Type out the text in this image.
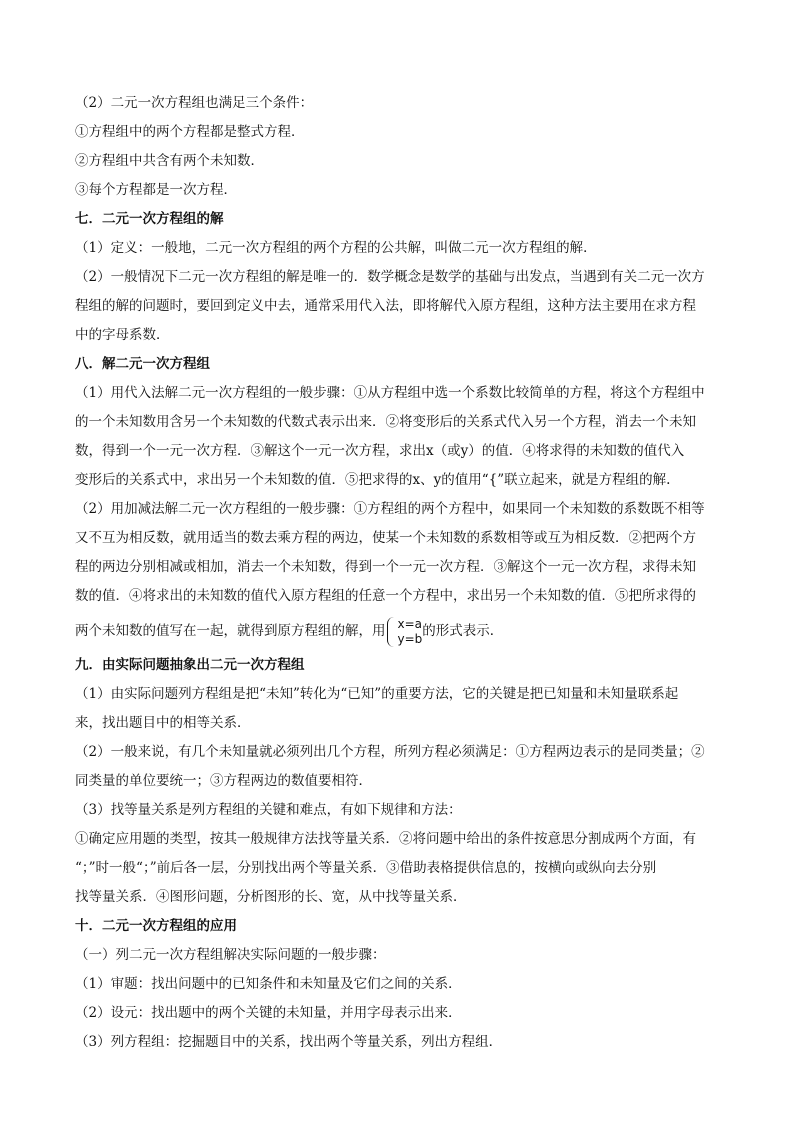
（2）二元一次方程组也满足三个条件：
①方程组中的两个方程都是整式方程．
②方程组中共含有两个未知数．
③每个方程都是一次方程．
七．二元一次方程组的解
（1）定义：一般地，二元一次方程组的两个方程的公共解，叫做二元一次方程组的解．
（2）一般情况下二元一次方程组的解是唯一的．数学概念是数学的基础与出发点，当遇到有关二元一次方
程组的解的问题时，要回到定义中去，通常采用代入法，即将解代入原方程组，这种方法主要用在求方程
中的字母系数．
八．解二元一次方程组
（1）用代入法解二元一次方程组的一般步骤：①从方程组中选一个系数比较简单的方程，将这个方程组中
的一个未知数用含另一个未知数的代数式表示出来．②将变形后的关系式代入另一个方程，消去一个未知
数，得到一个一元一次方程．③解这个一元一次方程，求出x（或y）的值．④将求得的未知数的值代入
变形后的关系式中，求出另一个未知数的值．⑤把求得的x、y的值用“{”联立起来，就是方程组的解.
（2）用加减法解二元一次方程组的一般步骤：①方程组的两个方程中，如果同一个未知数的系数既不相等
又不互为相反数，就用适当的数去乘方程的两边，使某一个未知数的系数相等或互为相反数．②把两个方
程的两边分别相减或相加，消去一个未知数，得到一个一元一次方程．③解这个一元一次方程，求得未知
数的值．④将求出的未知数的值代入原方程组的任意一个方程中，求出另一个未知数的值．⑤把所求得的
两个未知数的值写在一起，就得到原方程组的解，用 x=a
y=b 的形式表示．
九．由实际问题抽象出二元一次方程组
（1）由实际问题列方程组是把“未知”转化为“已知”的重要方法，它的关键是把已知量和未知量联系起
来，找出题目中的相等关系．
（2）一般来说，有几个未知量就必须列出几个方程，所列方程必须满足：①方程两边表示的是同类量；②
同类量的单位要统一；③方程两边的数值要相符．
（3）找等量关系是列方程组的关键和难点，有如下规律和方法：
①确定应用题的类型，按其一般规律方法找等量关系．②将问题中给出的条件按意思分割成两个方面，有
“；”时一般“；”前后各一层，分别找出两个等量关系．③借助表格提供信息的，按横向或纵向去分别
找等量关系．④图形问题，分析图形的长、宽，从中找等量关系．
十．二元一次方程组的应用
（一）列二元一次方程组解决实际问题的一般步骤：
（1）审题：找出问题中的已知条件和未知量及它们之间的关系．
（2）设元：找出题中的两个关键的未知量，并用字母表示出来．
（3）列方程组：挖掘题目中的关系，找出两个等量关系，列出方程组．
